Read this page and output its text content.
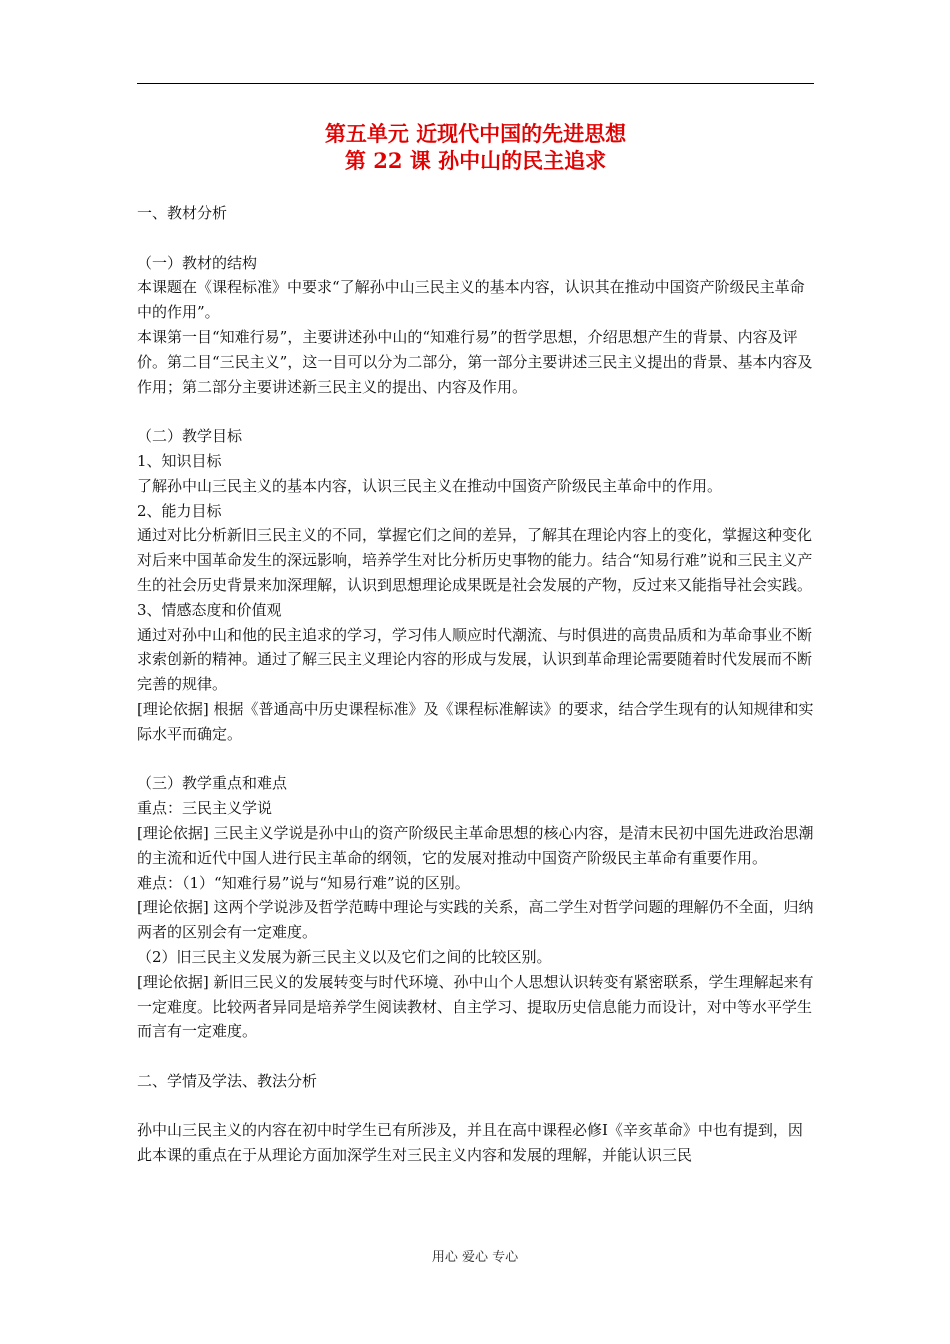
第五单元 近现代中国的先进思想
第 22 课 孙中山的民主追求

一、教材分析

（一）教材的结构

本课题在《课程标准》中要求“了解孙中山三民主义的基本内容，认识其在推动中国资产阶级民主革命中的作用”。

本课第一目“知难行易”，主要讲述孙中山的“知难行易”的哲学思想，介绍思想产生的背景、内容及评价。第二目“三民主义”，这一目可以分为二部分，第一部分主要讲述三民主义提出的背景、基本内容及作用；第二部分主要讲述新三民主义的提出、内容及作用。

（二）教学目标

1、知识目标

了解孙中山三民主义的基本内容，认识三民主义在推动中国资产阶级民主革命中的作用。

2、能力目标

通过对比分析新旧三民主义的不同，掌握它们之间的差异，了解其在理论内容上的变化，掌握这种变化对后来中国革命发生的深远影响，培养学生对比分析历史事物的能力。结合“知易行难”说和三民主义产生的社会历史背景来加深理解，认识到思想理论成果既是社会发展的产物，反过来又能指导社会实践。

3、情感态度和价值观

通过对孙中山和他的民主追求的学习，学习伟人顺应时代潮流、与时俱进的高贵品质和为革命事业不断求索创新的精神。通过了解三民主义理论内容的形成与发展，认识到革命理论需要随着时代发展而不断完善的规律。

[理论依据] 根据《普通高中历史课程标准》及《课程标准解读》的要求，结合学生现有的认知规律和实际水平而确定。

（三）教学重点和难点

重点：三民主义学说

[理论依据] 三民主义学说是孙中山的资产阶级民主革命思想的核心内容，是清末民初中国先进政治思潮的主流和近代中国人进行民主革命的纲领，它的发展对推动中国资产阶级民主革命有重要作用。

难点：（1）“知难行易”说与“知易行难”说的区别。

[理论依据] 这两个学说涉及哲学范畴中理论与实践的关系，高二学生对哲学问题的理解仍不全面，归纳两者的区别会有一定难度。

（2）旧三民主义发展为新三民主义以及它们之间的比较区别。

[理论依据] 新旧三民义的发展转变与时代环境、孙中山个人思想认识转变有紧密联系，学生理解起来有一定难度。比较两者异同是培养学生阅读教材、自主学习、提取历史信息能力而设计，对中等水平学生而言有一定难度。

二、学情及学法、教法分析

孙中山三民主义的内容在初中时学生已有所涉及，并且在高中课程必修Ⅰ《辛亥革命》中也有提到，因此本课的重点在于从理论方面加深学生对三民主义内容和发展的理解，并能认识三民

用心 爱心 专心
